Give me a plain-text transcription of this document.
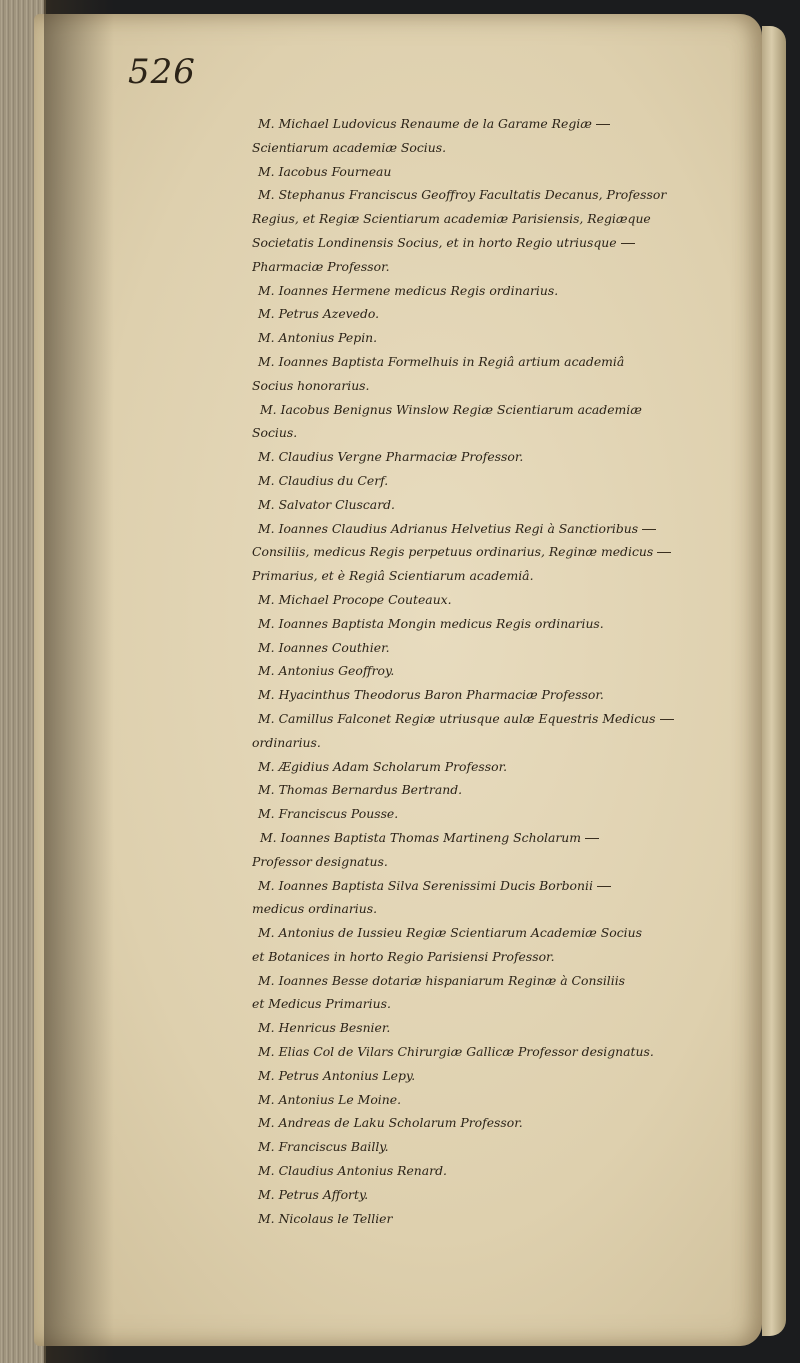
526
M. Michael Ludovicus Renaume de la Garame Regiæ
Scientiarum academiæ Socius.
M. Iacobus Fourneau
M. Stephanus Franciscus Geoffroy Facultatis Decanus, Professor
Regius, et Regiæ Scientiarum academiæ Parisiensis, Regiæque
Societatis Londinensis Socius, et in horto Regio utriusque
Pharmaciæ Professor.
M. Ioannes Hermene medicus Regis ordinarius.
M. Petrus Azevedo.
M. Antonius Pepin.
M. Ioannes Baptista Formelhuis in Regiâ artium academiâ
Socius honorarius.
M. Iacobus Benignus Winslow Regiæ Scientiarum academiæ
Socius.
M. Claudius Vergne Pharmaciæ Professor.
M. Claudius du Cerf.
M. Salvator Cluscard.
M. Ioannes Claudius Adrianus Helvetius Regi à Sanctioribus
Consiliis, medicus Regis perpetuus ordinarius, Reginæ medicus
Primarius, et è Regiâ Scientiarum academiâ.
M. Michael Procope Couteaux.
M. Ioannes Baptista Mongin medicus Regis ordinarius.
M. Ioannes Couthier.
M. Antonius Geoffroy.
M. Hyacinthus Theodorus Baron Pharmaciæ Professor.
M. Camillus Falconet Regiæ utriusque aulæ Equestris Medicus
ordinarius.
M. Ægidius Adam Scholarum Professor.
M. Thomas Bernardus Bertrand.
M. Franciscus Pousse.
M. Ioannes Baptista Thomas Martineng Scholarum
Professor designatus.
M. Ioannes Baptista Silva Serenissimi Ducis Borbonii
medicus ordinarius.
M. Antonius de Iussieu Regiæ Scientiarum Academiæ Socius
et Botanices in horto Regio Parisiensi Professor.
M. Ioannes Besse dotariæ hispaniarum Reginæ à Consiliis
et Medicus Primarius.
M. Henricus Besnier.
M. Elias Col de Vilars Chirurgiæ Gallicæ Professor designatus.
M. Petrus Antonius Lepy.
M. Antonius Le Moine.
M. Andreas de Laku Scholarum Professor.
M. Franciscus Bailly.
M. Claudius Antonius Renard.
M. Petrus Afforty.
M. Nicolaus le Tellier
